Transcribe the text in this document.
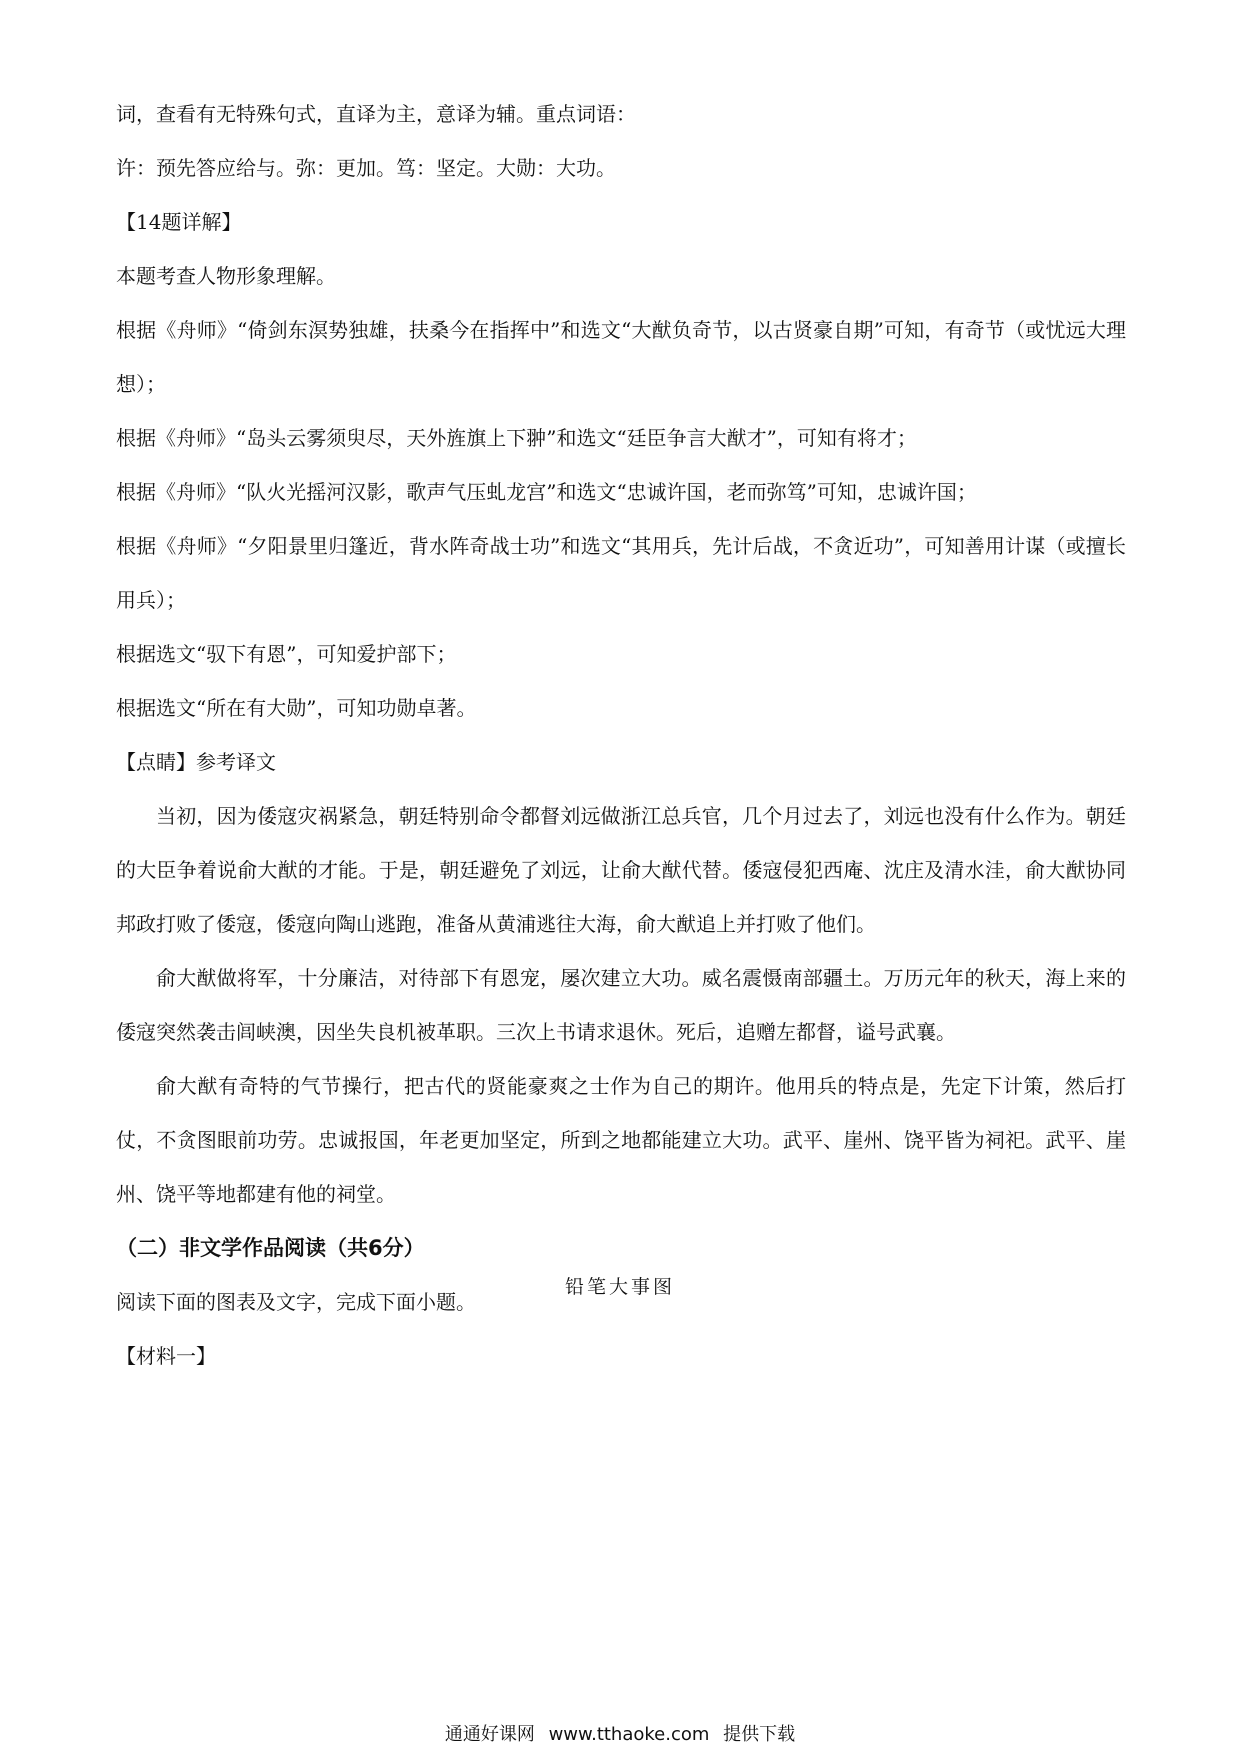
词，查看有无特殊句式，直译为主，意译为辅。重点词语：
许：预先答应给与。弥：更加。笃：坚定。大勋：大功。
【14题详解】
本题考查人物形象理解。
根据《舟师》“倚剑东溟势独雄，扶桑今在指挥中”和选文“大猷负奇节，以古贤豪自期”可知，有奇节（或忧远大理想）；
根据《舟师》“岛头云雾须臾尽，天外旌旗上下翀”和选文“廷臣争言大猷才”，可知有将才；
根据《舟师》“队火光摇河汉影，歌声气压虬龙宫”和选文“忠诚许国，老而弥笃”可知，忠诚许国；
根据《舟师》“夕阳景里归篷近，背水阵奇战士功”和选文“其用兵，先计后战，不贪近功”，可知善用计谋（或擅长用兵）；
根据选文“驭下有恩”，可知爱护部下；
根据选文“所在有大勋”，可知功勋卓著。
【点睛】参考译文
当初，因为倭寇灾祸紧急，朝廷特别命令都督刘远做浙江总兵官，几个月过去了，刘远也没有什么作为。朝廷的大臣争着说俞大猷的才能。于是，朝廷避免了刘远，让俞大猷代替。倭寇侵犯西庵、沈庄及清水洼，俞大猷协同邦政打败了倭寇，倭寇向陶山逃跑，准备从黄浦逃往大海，俞大猷追上并打败了他们。
俞大猷做将军，十分廉洁，对待部下有恩宠，屡次建立大功。威名震慑南部疆土。万历元年的秋天，海上来的倭寇突然袭击闾峡澳，因坐失良机被革职。三次上书请求退休。死后，追赠左都督，谥号武襄。
俞大猷有奇特的气节操行，把古代的贤能豪爽之士作为自己的期许。他用兵的特点是，先定下计策，然后打仗，不贪图眼前功劳。忠诚报国，年老更加坚定，所到之地都能建立大功。武平、崖州、饶平皆为祠祀。武平、崖州、饶平等地都建有他的祠堂。
（二）非文学作品阅读（共6分）
阅读下面的图表及文字，完成下面小题。
【材料一】
铅笔大事图
通通好课网 www.tthaoke.com 提供下载
